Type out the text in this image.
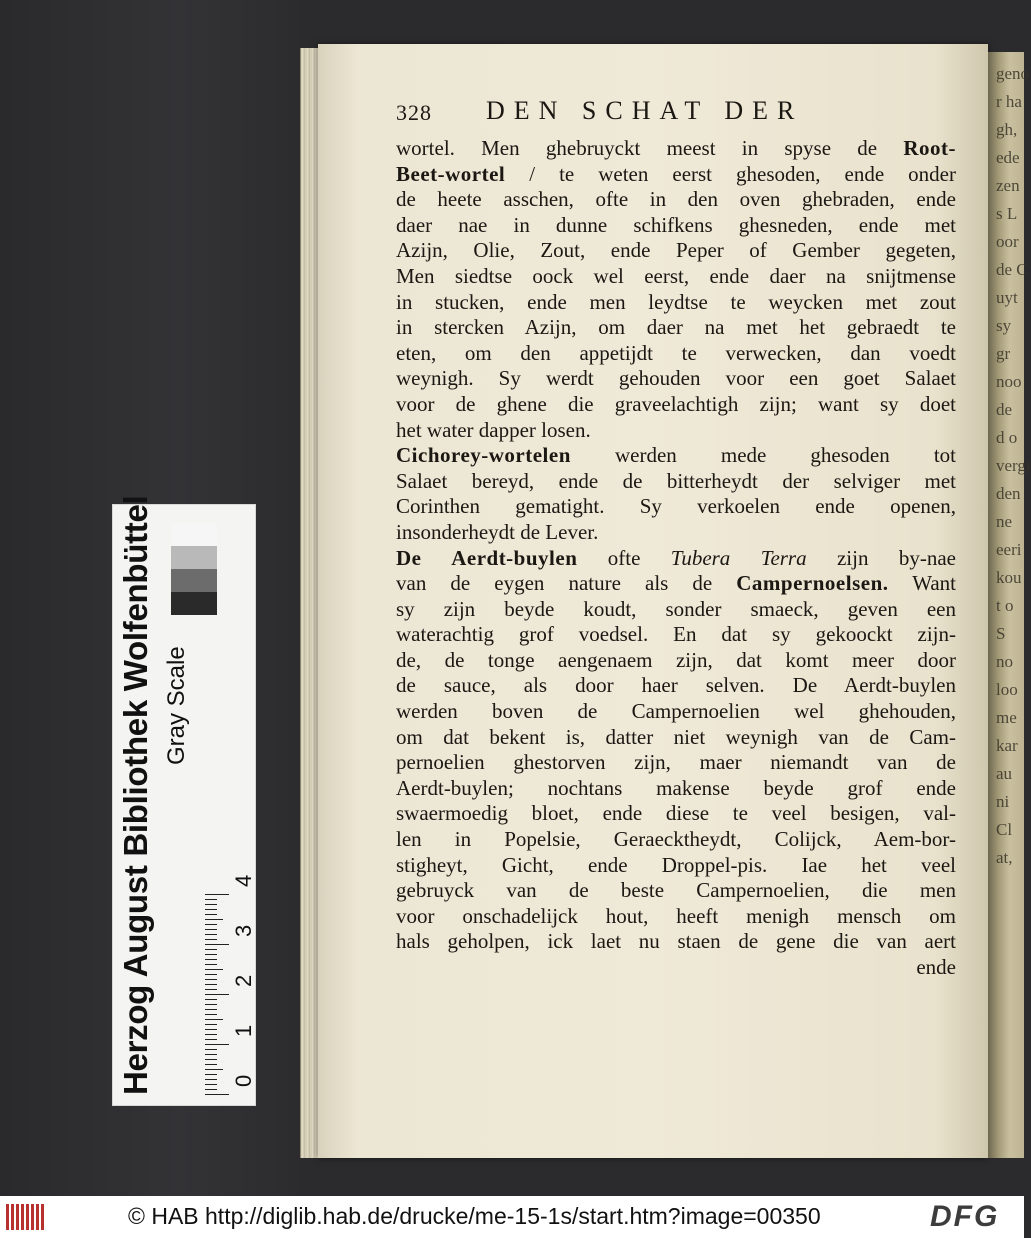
geno
r ha
gh,
ede
zen
s L
oor
de C
uyt
sy
gr
noo
de
d o
vergi
den
ne
eeri
kou
t o
S
no
loo
me
kar
au
ni
Cl
at,
328 DEN SCHAT DER
wortel. Men ghebruyckt meest in spyse de Root-
Beet-wortel / te weten eerst ghesoden, ende onder
de heete asschen, ofte in den oven ghebraden, ende
daer nae in dunne schifkens ghesneden, ende met
Azijn, Olie, Zout, ende Peper of Gember gegeten,
Men siedtse oock wel eerst, ende daer na snijtmense
in stucken, ende men leydtse te weycken met zout
in stercken Azijn, om daer na met het gebraedt te
eten, om den appetijdt te verwecken, dan voedt
weynigh. Sy werdt gehouden voor een goet Salaet
voor de ghene die graveelachtigh zijn; want sy doet
het water dapper losen.
Cichorey-wortelen werden mede ghesoden tot
Salaet bereyd, ende de bitterheydt der selviger met
Corinthen gematight. Sy verkoelen ende openen,
insonderheydt de Lever.
De Aerdt-buylen ofte Tubera Terra zijn by-nae
van de eygen nature als de Campernoelsen. Want
sy zijn beyde koudt, sonder smaeck, geven een
waterachtig grof voedsel. En dat sy gekoockt zijn-
de, de tonge aengenaem zijn, dat komt meer door
de sauce, als door haer selven. De Aerdt-buylen
werden boven de Campernoelien wel ghehouden,
om dat bekent is, datter niet weynigh van de Cam-
pernoelien ghestorven zijn, maer niemandt van de
Aerdt-buylen; nochtans makense beyde grof ende
swaermoedig bloet, ende diese te veel besigen, val-
len in Popelsie, Geraecktheydt, Colijck, Aem-bor-
stigheyt, Gicht, ende Droppel-pis. Iae het veel
gebruyck van de beste Campernoelien, die men
voor onschadelijck hout, heeft menigh mensch om
hals geholpen, ick laet nu staen de gene die van aert
ende
Herzog August Bibliothek Wolfenbüttel	0
1
2
3
4
Gray Scale
© HAB http://diglib.hab.de/drucke/me-15-1s/start.htm?image=00350	DFG
